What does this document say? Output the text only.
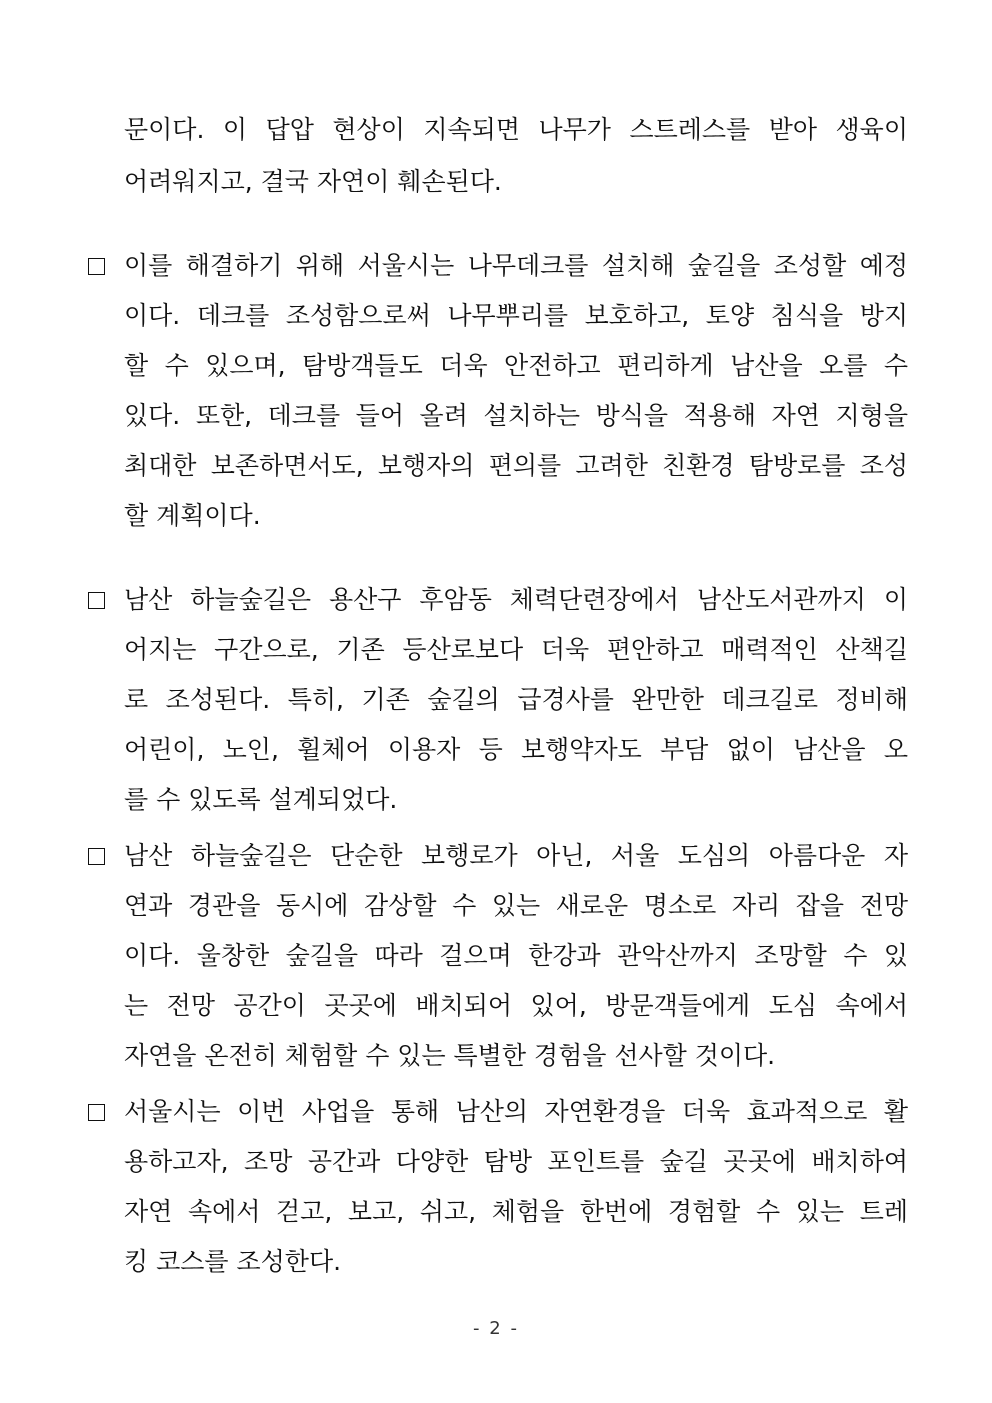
문이다. 이 답압 현상이 지속되면 나무가 스트레스를 받아 생육이
어려워지고, 결국 자연이 훼손된다.
이를 해결하기 위해 서울시는 나무데크를 설치해 숲길을 조성할 예정
이다. 데크를 조성함으로써 나무뿌리를 보호하고, 토양 침식을 방지
할 수 있으며, 탐방객들도 더욱 안전하고 편리하게 남산을 오를 수
있다. 또한, 데크를 들어 올려 설치하는 방식을 적용해 자연 지형을
최대한 보존하면서도, 보행자의 편의를 고려한 친환경 탐방로를 조성
할 계획이다.
남산 하늘숲길은 용산구 후암동 체력단련장에서 남산도서관까지 이
어지는 구간으로, 기존 등산로보다 더욱 편안하고 매력적인 산책길
로 조성된다. 특히, 기존 숲길의 급경사를 완만한 데크길로 정비해
어린이, 노인, 휠체어 이용자 등 보행약자도 부담 없이 남산을 오
를 수 있도록 설계되었다.
남산 하늘숲길은 단순한 보행로가 아닌, 서울 도심의 아름다운 자
연과 경관을 동시에 감상할 수 있는 새로운 명소로 자리 잡을 전망
이다. 울창한 숲길을 따라 걸으며 한강과 관악산까지 조망할 수 있
는 전망 공간이 곳곳에 배치되어 있어, 방문객들에게 도심 속에서
자연을 온전히 체험할 수 있는 특별한 경험을 선사할 것이다.
서울시는 이번 사업을 통해 남산의 자연환경을 더욱 효과적으로 활
용하고자, 조망 공간과 다양한 탐방 포인트를 숲길 곳곳에 배치하여
자연 속에서 걷고, 보고, 쉬고, 체험을 한번에 경험할 수 있는 트레
킹 코스를 조성한다.
- 2 -
